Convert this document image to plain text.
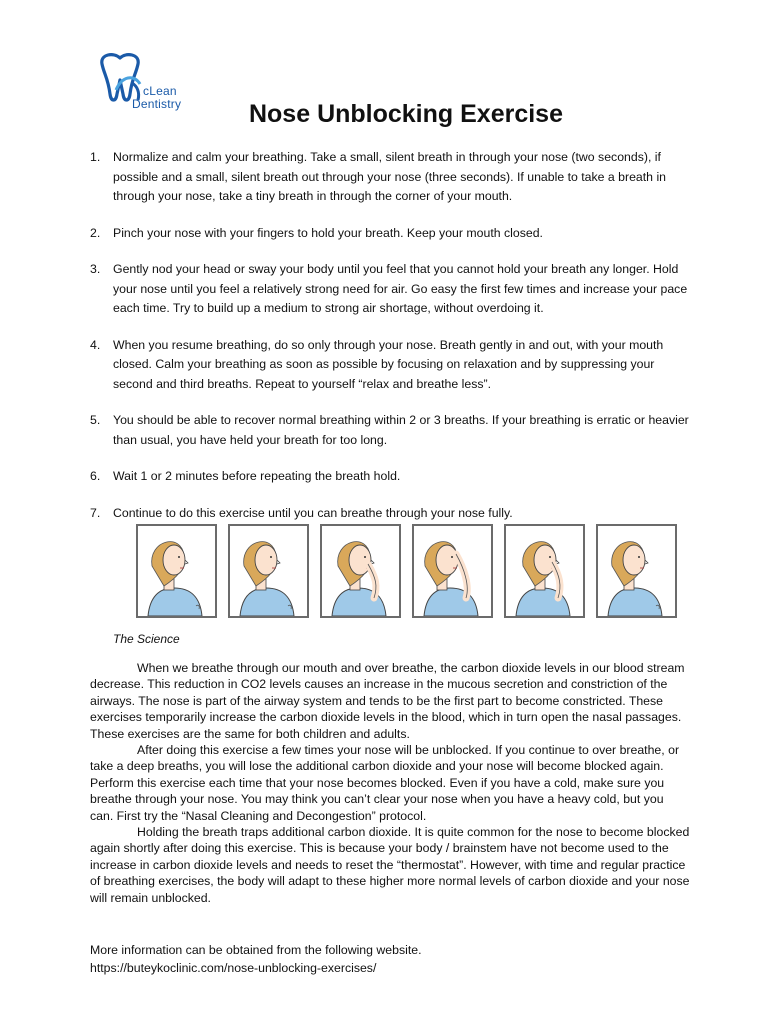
cLean
Dentistry	Nose Unblocking Exercise
1. Normalize and calm your breathing. Take a small, silent breath in through your nose (two seconds), if possible and a small, silent breath out through your nose (three seconds). If unable to take a breath in through your nose, take a tiny breath in through the corner of your mouth.
2. Pinch your nose with your fingers to hold your breath. Keep your mouth closed.
3. Gently nod your head or sway your body until you feel that you cannot hold your breath any longer. Hold your nose until you feel a relatively strong need for air. Go easy the first few times and increase your pace each time. Try to build up a medium to strong air shortage, without overdoing it.
4. When you resume breathing, do so only through your nose. Breath gently in and out, with your mouth closed. Calm your breathing as soon as possible by focusing on relaxation and by suppressing your second and third breaths. Repeat to yourself “relax and breathe less”.
5. You should be able to recover normal breathing within 2 or 3 breaths. If your breathing is erratic or heavier than usual, you have held your breath for too long.
6. Wait 1 or 2 minutes before repeating the breath hold.
7. Continue to do this exercise until you can breathe through your nose fully.
The Science

When we breathe through our mouth and over breathe, the carbon dioxide levels in our blood stream decrease. This reduction in CO2 levels causes an increase in the mucous secretion and constriction of the airways. The nose is part of the airway system and tends to be the first part to become constricted. These exercises temporarily increase the carbon dioxide levels in the blood, which in turn open the nasal passages. These exercises are the same for both children and adults.

After doing this exercise a few times your nose will be unblocked. If you continue to over breathe, or take a deep breaths, you will lose the additional carbon dioxide and your nose will become blocked again. Perform this exercise each time that your nose becomes blocked. Even if you have a cold, make sure you breathe through your nose. You may think you can’t clear your nose when you have a heavy cold, but you can. First try the “Nasal Cleaning and Decongestion” protocol.

Holding the breath traps additional carbon dioxide. It is quite common for the nose to become blocked again shortly after doing this exercise. This is because your body / brainstem have not become used to the increase in carbon dioxide levels and needs to reset the “thermostat”. However, with time and regular practice of breathing exercises, the body will adapt to these higher more normal levels of carbon dioxide and your nose will remain unblocked.

More information can be obtained from the following website.
https://buteykoclinic.com/nose-unblocking-exercises/
